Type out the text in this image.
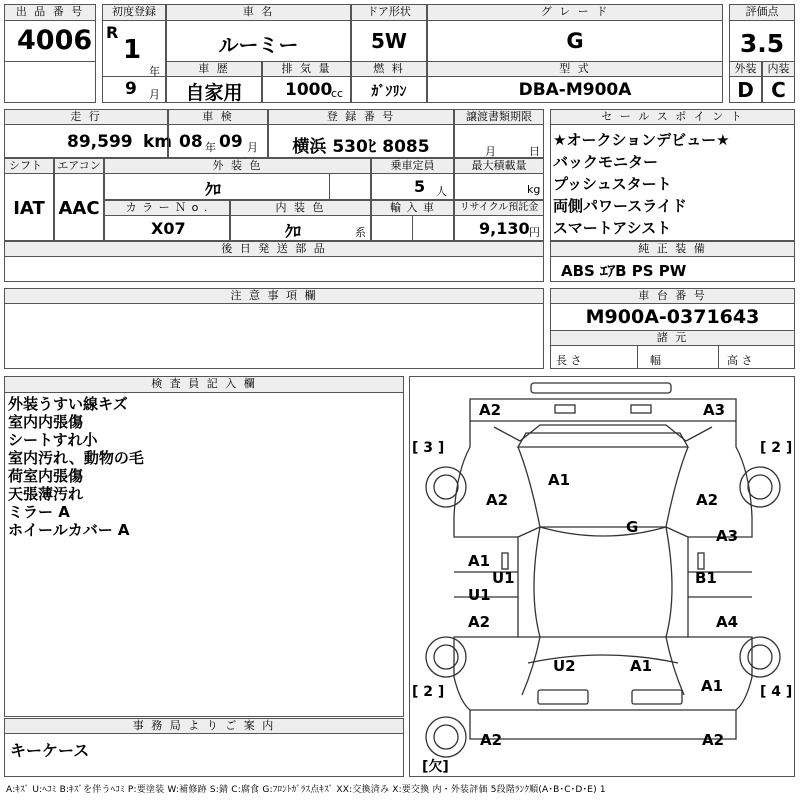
出 品 番 号
4006
初度登録
R
1
年
9 月
車 名
ルーミー
ドア形状
5W
グ レ ー ド
G
評価点
3.5
車 歴
自家用
排 気 量
1000
cc
燃 料
ｶﾞｿﾘﾝ
型 式
DBA-M900A
外装
D
内装
C
走 行
89,599 km
車 検
08 年 09 月
登 録 番 号
横浜 530ﾋ 8085
譲渡書類期限
月	日
シフト
IAT
エアコン
AAC
外 装 色
ｸﾛ
乗車定員
5 人
最大積載量
kg
カ ラ ー Ｎ o .
X07
内 装 色
ｸﾛ	系
輸 入 車	リサイクル預託金
9,130 円
後 日 発 送 部 品
注 意 事 項 欄
セ ー ル ス ポ イ ン ト
★オークションデビュー★
バックモニター
プッシュスタート
両側パワースライド
スマートアシスト
純 正 装 備
ABS ｴｱB PS PW
車 台 番 号
M900A-0371643
諸 元
長 さ	幅	高 さ
検 査 員 記 入 欄
外装うすい線キズ
室内内張傷
シートすれ小
室内汚れ、動物の毛
荷室内張傷
天張薄汚れ
ミラー A
ホイールカバー A
事 務 局 よ り ご 案 内
キーケース
[ 3 ]	[ 2 ]
[ 2 ]	[ 4 ]
[欠]
A2	A3
A1
A2	A2
G	A3
A1
U1	B1
U1
A2	A4
U2	A1
A1
A2	A2
A:ｷｽﾞ U:ﾍｺﾐ B:ｷｽﾞを伴うﾍｺﾐ P:要塗装 W:補修跡 S:錆 C:腐食 G:ﾌﾛﾝﾄｶﾞﾗｽ点ｷｽﾞ XX:交換済み X:要交換 内・外装評価 5段階ﾗﾝｸ順(A･B･C･D･E) 1
